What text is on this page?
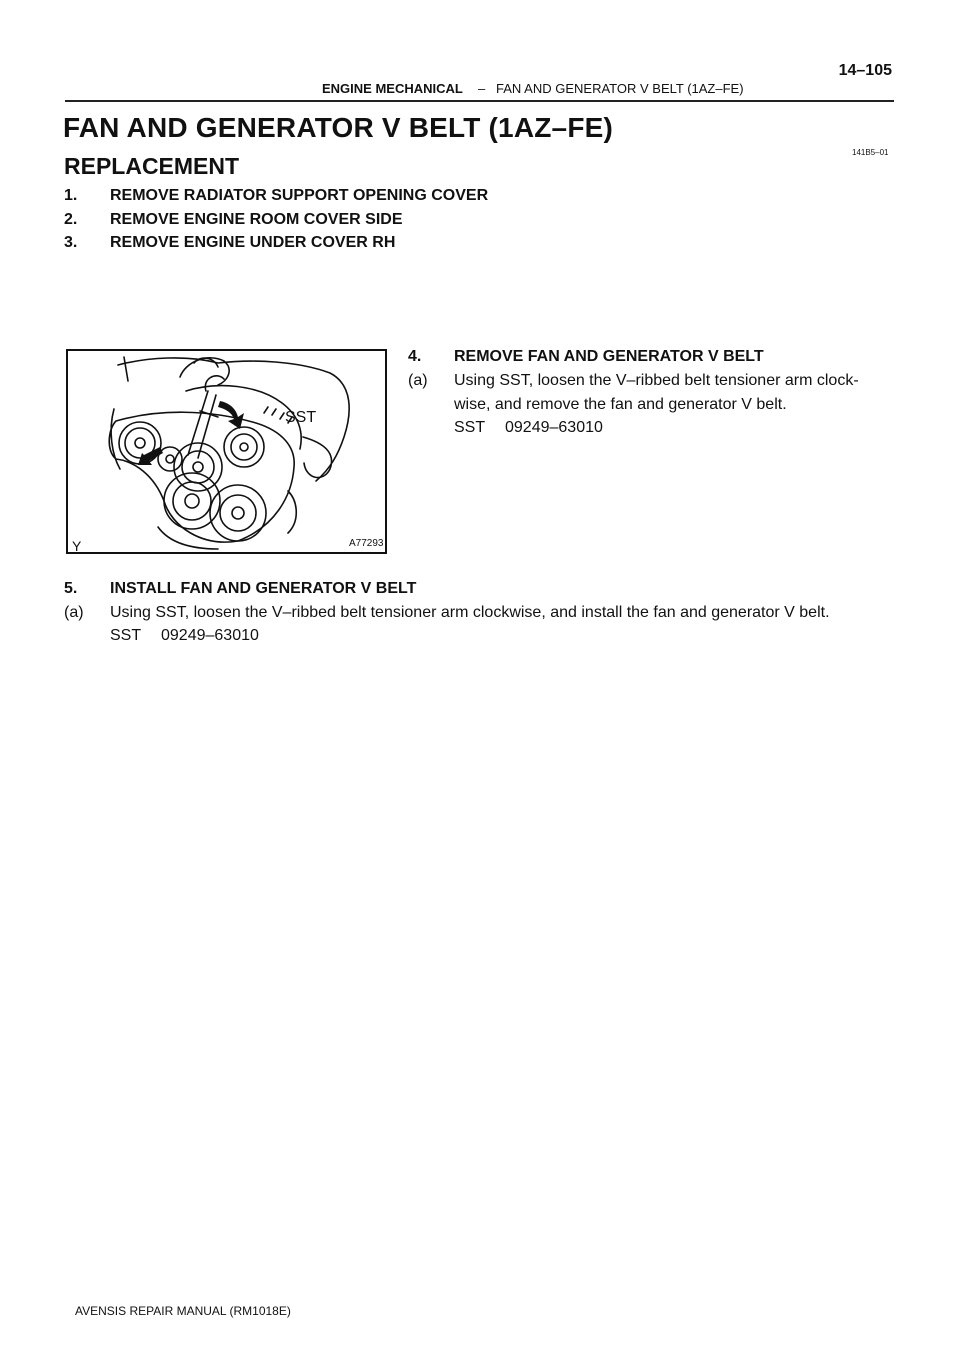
ENGINE MECHANICAL – FAN AND GENERATOR V BELT (1AZ–FE)
14–105
FAN AND GENERATOR V BELT (1AZ–FE)
141B5–01
REPLACEMENT
1. REMOVE RADIATOR SUPPORT OPENING COVER
2. REMOVE ENGINE ROOM COVER SIDE
3. REMOVE ENGINE UNDER COVER RH
SST
A77293
Y
4. REMOVE FAN AND GENERATOR V BELT
(a) Using SST, loosen the V–ribbed belt tensioner arm clock-
wise, and remove the fan and generator V belt.
SST 09249–63010
5. INSTALL FAN AND GENERATOR V BELT
(a) Using SST, loosen the V–ribbed belt tensioner arm clockwise, and install the fan and generator V belt.
SST 09249–63010
AVENSIS REPAIR MANUAL (RM1018E)
